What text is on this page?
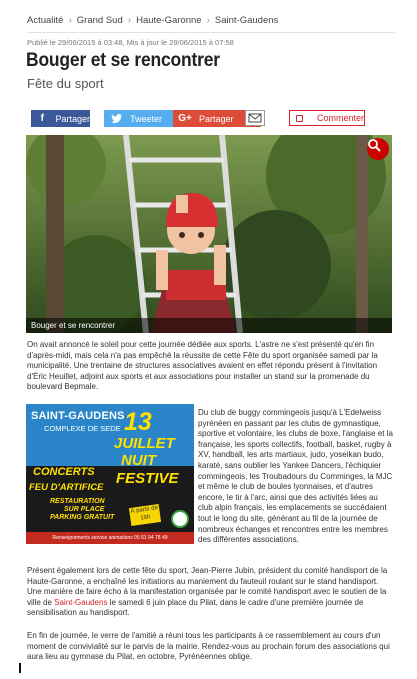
Actualité › Grand Sud › Haute-Garonne › Saint-Gaudens
Publié le 29/06/2015 à 03:48, Mis à jour le 29/06/2015 à 07:58
Bouger et se rencontrer
Fête du sport
f	Partager	Tweeter G+ Partager	Commenter
Bouger et se rencontrer

On avait annoncé le soleil pour cette journée dédiée aux sports. L'astre ne s'est présenté qu'en fin d'après-midi, mais cela n'a pas empêché la réussite de cette Fête du sport organisée samedi par la municipalité. Une trentaine de structures associatives avaient en effet répondu présent à l'invitation d'Éric Heuillet, adjoint aux sports et aux associations pour installer un stand sur la promenade du boulevard Bepmale.

SAINT-GAUDENS
COMPLEXE DE SEDE 13
JUILLET
NUIT
FESTIVE
CONCERTS
FEU D'ARTIFICE
RESTAURATION
SUR PLACE
PARKING GRATUIT
À partir de 19h
Renseignements service animations 05 61 94 78 49

Du club de buggy commingeois jusqu'à L'Edelweiss pyrénéen en passant par les clubs de gymnastique, sportive et volontaire, les clubs de boxe, l'anglaise et la française, les sports collectifs, football, basket, rugby à XV, handball, les arts martiaux, judo, yoseikan budo, karaté, sans oublier les Yankee Dancers, l'échiquier commingeois, les Troubadours du Comminges, la MJC et même le club de boules lyonnaises, et d'autres encore, le tir à l'arc, ainsi que des activités liées au club alpin français, les emplacements se succédaient tout le long du site, générant au fil de la journée de nombreux échanges et rencontres entre les membres des différentes associations.

Présent également lors de cette fête du sport, Jean-Pierre Jubin, président du comité handisport de la Haute-Garonne, a enchaîné les initiations au maniement du fauteuil roulant sur le stand handisport. Une manière de faire écho à la manifestation organisée par le comité handisport avec le soutien de la ville de Saint-Gaudens le samedi 6 juin place du Pilat, dans le cadre d'une première journée de sensibilisation au handisport.

En fin de journée, le verre de l'amitié a réuni tous les participants à ce rassemblement au cours d'un moment de convivialité sur le parvis de la mairie. Rendez-vous au prochain forum des associations qui aura lieu au gymnase du Pilat, en octobre, Pyrénéennes oblige.
